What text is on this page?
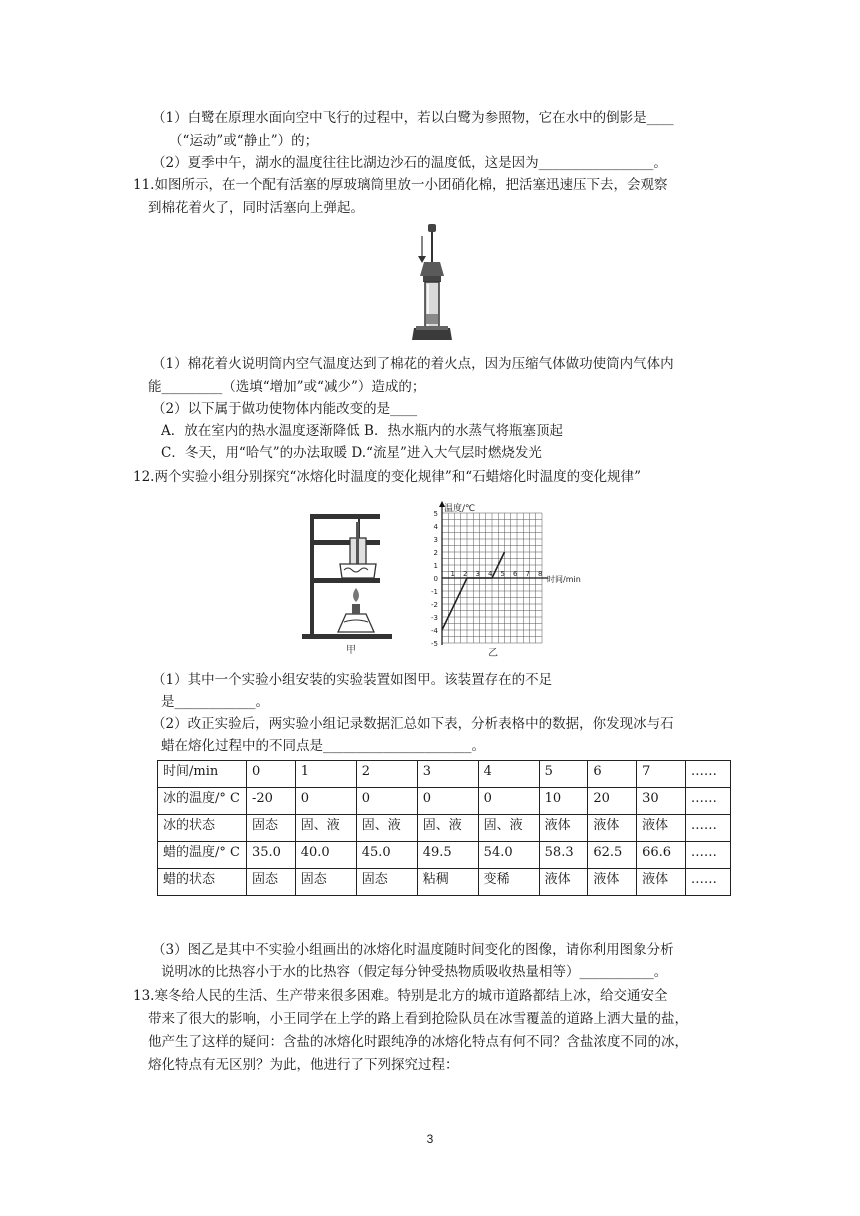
（1）白鹭在原理水面向空中飞行的过程中，若以白鹭为参照物，它在水中的倒影是____
（“运动”或“静止”）的；
（2）夏季中午，湖水的温度往往比湖边沙石的温度低，这是因为_________________。
11.如图所示，在一个配有活塞的厚玻璃筒里放一小团硝化棉，把活塞迅速压下去，会观察
到棉花着火了，同时活塞向上弹起。
（1）棉花着火说明筒内空气温度达到了棉花的着火点，因为压缩气体做功使筒内气体内
能_________（选填“增加”或“减少”）造成的；
（2）以下属于做功使物体内能改变的是____
A．放在室内的热水温度逐渐降低 B．热水瓶内的水蒸气将瓶塞顶起
C．冬天，用“哈气”的办法取暖 D.“流星”进入大气层时燃烧发光
12.两个实验小组分别探究“冰熔化时温度的变化规律”和“石蜡熔化时温度的变化规律”
甲
5
4
3
2
1
0
-1
-2
-3
-4
-5
1 2 3 4 5 6 7 8
温度/℃
时间/min
乙
（1）其中一个实验小组安装的实验装置如图甲。该装置存在的不足
是____________。
（2）改正实验后，两实验小组记录数据汇总如下表，分析表格中的数据，你发现冰与石
蜡在熔化过程中的不同点是______________________。
时间/min	0	1	2	3	4	5	6	7	……
冰的温度/° C	-20	0	0	0	0	10	20	30	……
冰的状态	固态	固、液	固、液	固、液	固、液	液体	液体	液体	……
蜡的温度/° C	35.0	40.0	45.0	49.5	54.0	58.3	62.5	66.6	……
蜡的状态	固态	固态	固态	粘稠	变稀	液体	液体	液体	……
（3）图乙是其中不实验小组画出的冰熔化时温度随时间变化的图像，请你利用图象分析
说明冰的比热容小于水的比热容（假定每分钟受热物质吸收热量相等）___________。
13.寒冬给人民的生活、生产带来很多困难。特别是北方的城市道路都结上冰，给交通安全
带来了很大的影响，小王同学在上学的路上看到抢险队员在冰雪覆盖的道路上洒大量的盐，
他产生了这样的疑问：含盐的冰熔化时跟纯净的冰熔化特点有何不同？含盐浓度不同的冰，
熔化特点有无区别？为此，他进行了下列探究过程：
3
